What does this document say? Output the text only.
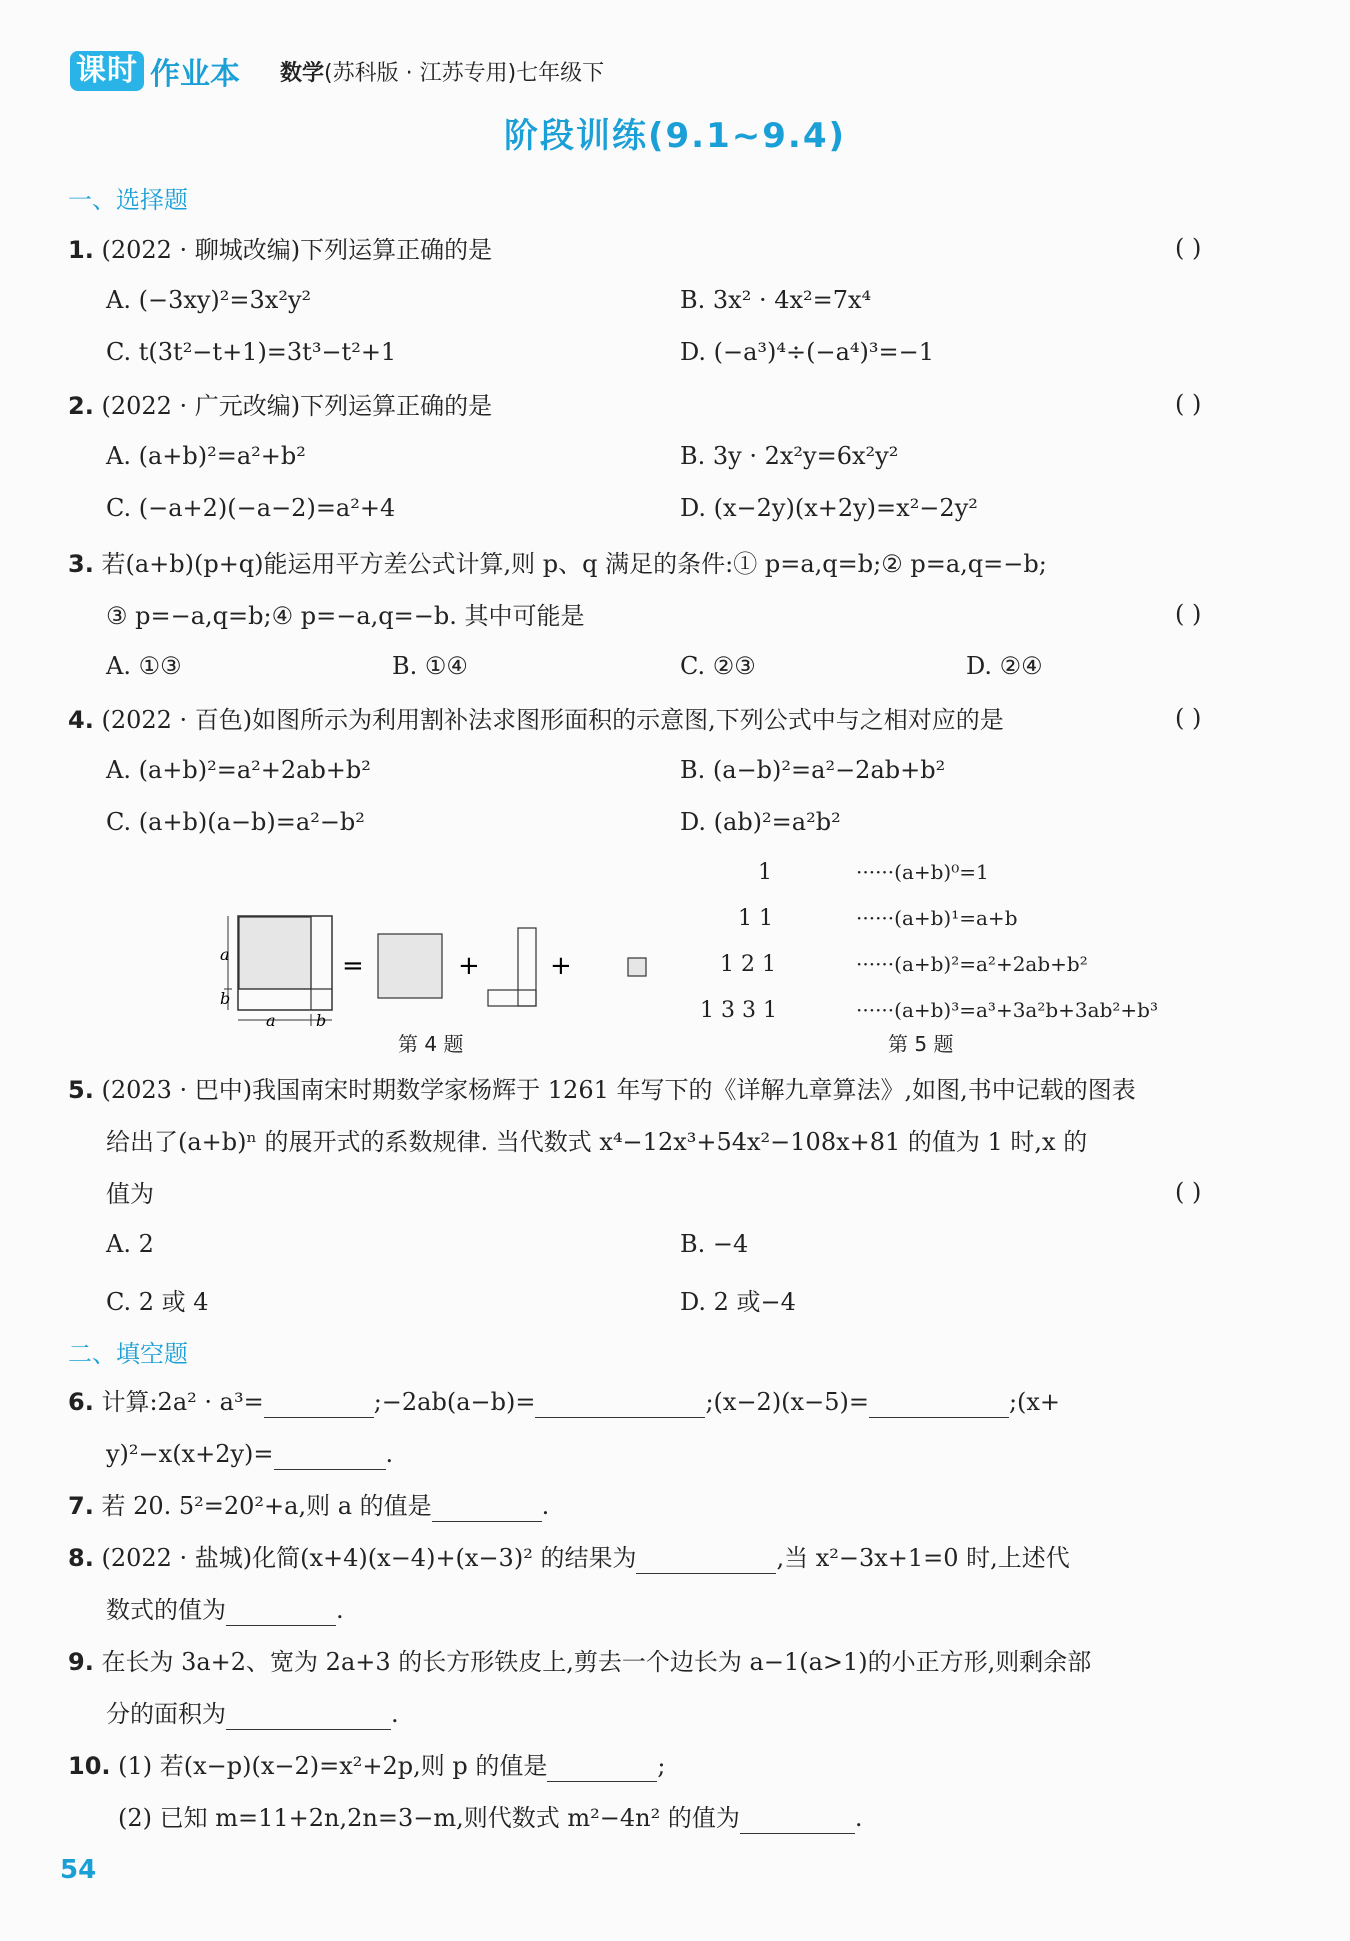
课时 作业本 数学(苏科版 · 江苏专用)七年级下
阶段训练(9.1~9.4)
一、选择题
1. (2022 · 聊城改编)下列运算正确的是	( )
A. (−3xy)²=3x²y²	B. 3x² · 4x²=7x⁴
C. t(3t²−t+1)=3t³−t²+1	D. (−a³)⁴÷(−a⁴)³=−1
2. (2022 · 广元改编)下列运算正确的是	( )
A. (a+b)²=a²+b²	B. 3y · 2x²y=6x²y²
C. (−a+2)(−a−2)=a²+4	D. (x−2y)(x+2y)=x²−2y²
3. 若(a+b)(p+q)能运用平方差公式计算,则 p、q 满足的条件:① p=a,q=b;② p=a,q=−b;
③ p=−a,q=b;④ p=−a,q=−b. 其中可能是	( )
A. ①③	B. ①④	C. ②③	D. ②④
4. (2022 · 百色)如图所示为利用割补法求图形面积的示意图,下列公式中与之相对应的是	( )
A. (a+b)²=a²+2ab+b²	B. (a−b)²=a²−2ab+b²
C. (a+b)(a−b)=a²−b²	D. (ab)²=a²b²
a
b
a	b
=	+	+
第 4 题
1
1 1
1 2 1
1 3 3 1
······(a+b)⁰=1
······(a+b)¹=a+b
······(a+b)²=a²+2ab+b²
······(a+b)³=a³+3a²b+3ab²+b³
第 5 题
5. (2023 · 巴中)我国南宋时期数学家杨辉于 1261 年写下的《详解九章算法》,如图,书中记载的图表
给出了(a+b)ⁿ 的展开式的系数规律. 当代数式 x⁴−12x³+54x²−108x+81 的值为 1 时,x 的
值为	( )
A. 2	B. −4
C. 2 或 4	D. 2 或−4
二、填空题
6. 计算:2a² · a³=	;−2ab(a−b)=	;(x−2)(x−5)=	;(x+
y)²−x(x+2y)=	.
7. 若 20. 5²=20²+a,则 a 的值是	.
8. (2022 · 盐城)化简(x+4)(x−4)+(x−3)² 的结果为	,当 x²−3x+1=0 时,上述代
数式的值为	.
9. 在长为 3a+2、宽为 2a+3 的长方形铁皮上,剪去一个边长为 a−1(a>1)的小正方形,则剩余部
分的面积为	.
10. (1) 若(x−p)(x−2)=x²+2p,则 p 的值是	;
(2) 已知 m=11+2n,2n=3−m,则代数式 m²−4n² 的值为	.
54
